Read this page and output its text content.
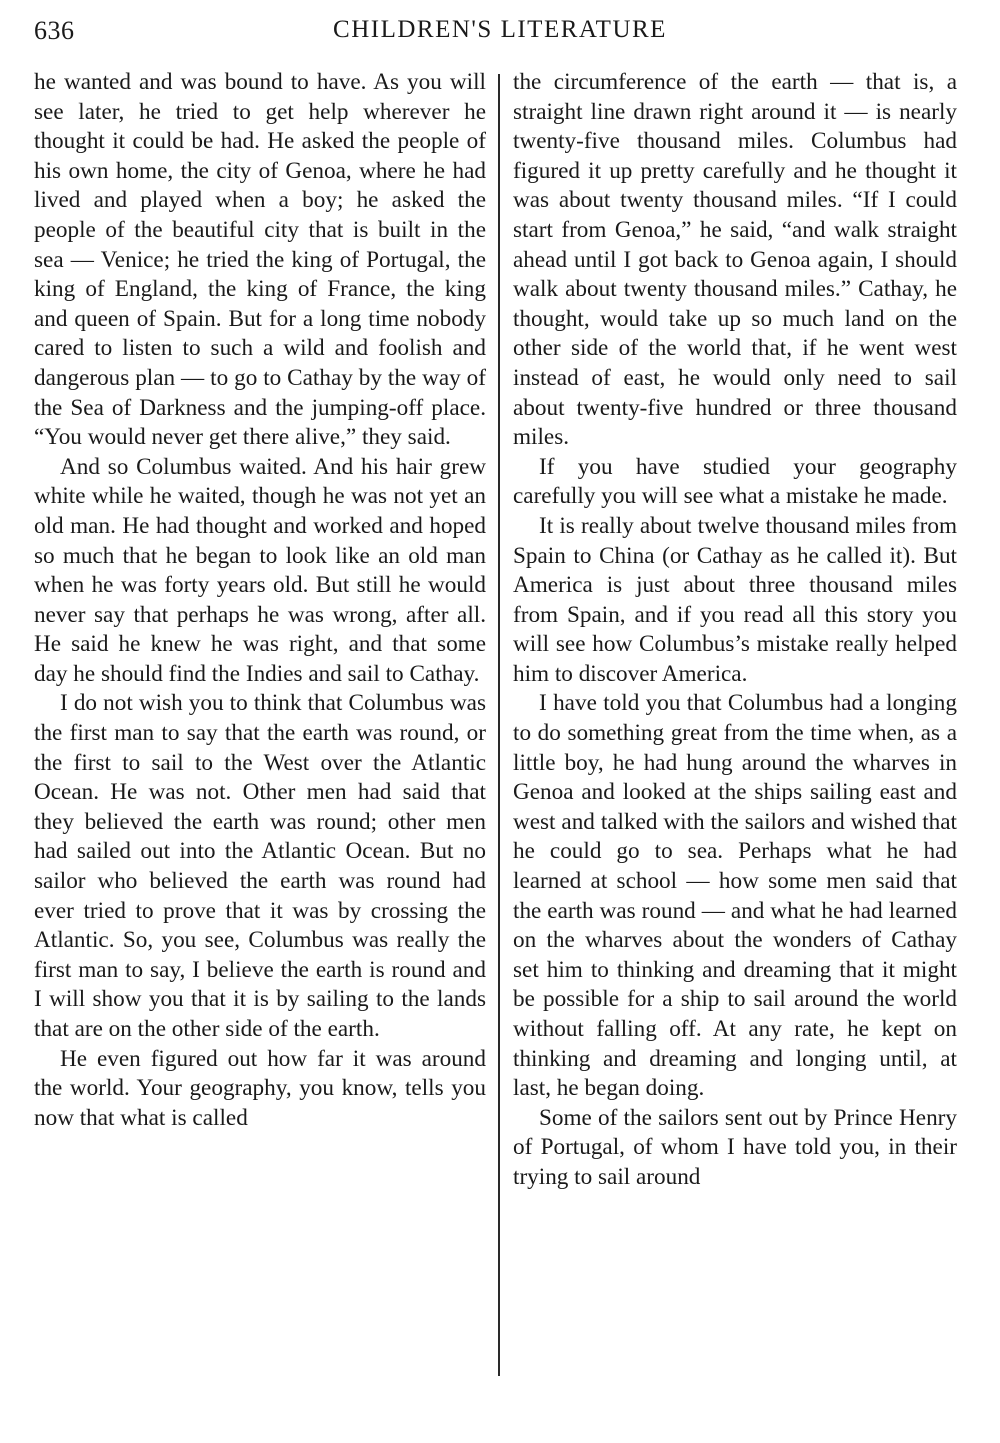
636	CHILDREN'S LITERATURE

he wanted and was bound to have. As you will see later, he tried to get help wherever he thought it could be had. He asked the people of his own home, the city of Genoa, where he had lived and played when a boy; he asked the people of the beautiful city that is built in the sea — Venice; he tried the king of Portugal, the king of England, the king of France, the king and queen of Spain. But for a long time nobody cared to listen to such a wild and foolish and dangerous plan — to go to Cathay by the way of the Sea of Darkness and the jumping-off place. “You would never get there alive,” they said.

And so Columbus waited. And his hair grew white while he waited, though he was not yet an old man. He had thought and worked and hoped so much that he began to look like an old man when he was forty years old. But still he would never say that perhaps he was wrong, after all. He said he knew he was right, and that some day he should find the Indies and sail to Cathay.

I do not wish you to think that Columbus was the first man to say that the earth was round, or the first to sail to the West over the Atlantic Ocean. He was not. Other men had said that they believed the earth was round; other men had sailed out into the Atlantic Ocean. But no sailor who believed the earth was round had ever tried to prove that it was by crossing the Atlantic. So, you see, Columbus was really the first man to say, I believe the earth is round and I will show you that it is by sailing to the lands that are on the other side of the earth.

He even figured out how far it was around the world. Your geography, you know, tells you now that what is called

the circumference of the earth — that is, a straight line drawn right around it — is nearly twenty-five thousand miles. Columbus had figured it up pretty carefully and he thought it was about twenty thousand miles. “If I could start from Genoa,” he said, “and walk straight ahead until I got back to Genoa again, I should walk about twenty thousand miles.” Cathay, he thought, would take up so much land on the other side of the world that, if he went west instead of east, he would only need to sail about twenty-five hundred or three thousand miles.

If you have studied your geography carefully you will see what a mistake he made.

It is really about twelve thousand miles from Spain to China (or Cathay as he called it). But America is just about three thousand miles from Spain, and if you read all this story you will see how Columbus’s mistake really helped him to discover America.

I have told you that Columbus had a longing to do something great from the time when, as a little boy, he had hung around the wharves in Genoa and looked at the ships sailing east and west and talked with the sailors and wished that he could go to sea. Perhaps what he had learned at school — how some men said that the earth was round — and what he had learned on the wharves about the wonders of Cathay set him to thinking and dreaming that it might be possible for a ship to sail around the world without falling off. At any rate, he kept on thinking and dreaming and longing until, at last, he began doing.

Some of the sailors sent out by Prince Henry of Portugal, of whom I have told you, in their trying to sail around
